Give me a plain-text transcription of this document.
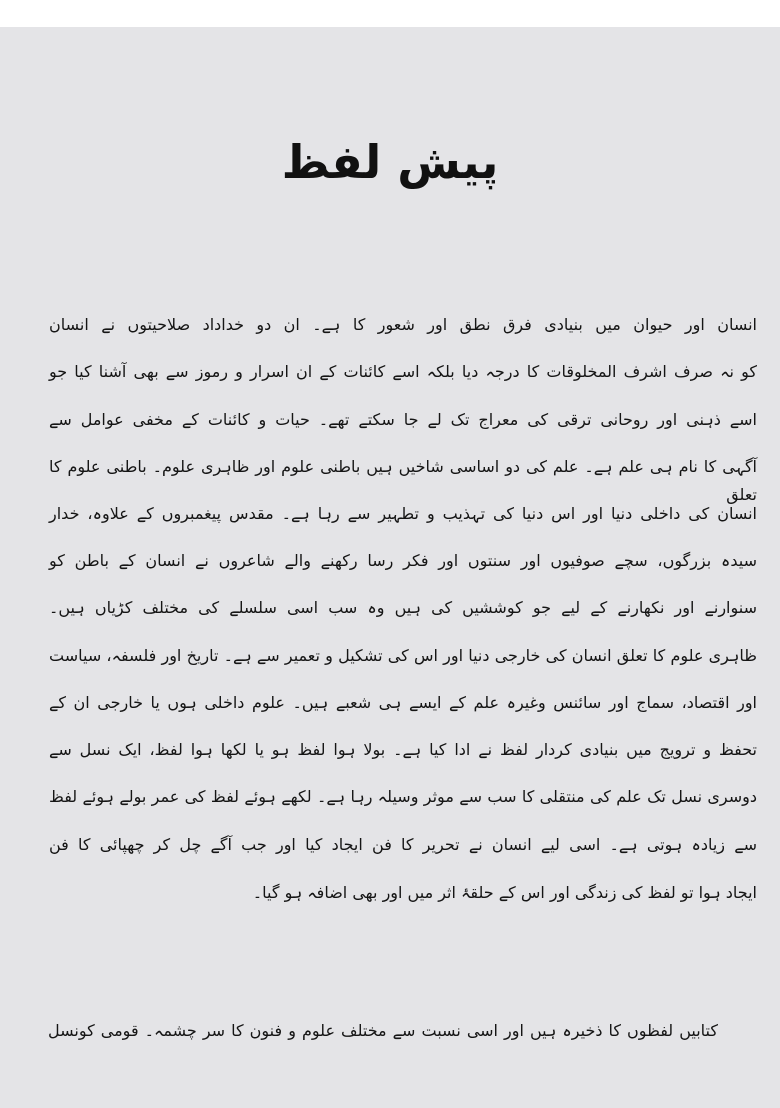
پیش لفظ
انسان اور حیوان میں بنیادی فرق نطق اور شعور کا ہے۔ ان دو خداداد صلاحیتوں نے انسان
کو نہ صرف اشرف المخلوقات کا درجہ دیا بلکہ اسے کائنات کے ان اسرار و رموز سے بھی آشنا کیا جو
اسے ذہنی اور روحانی ترقی کی معراج تک لے جا سکتے تھے۔ حیات و کائنات کے مخفی عوامل سے
آگہی کا نام ہی علم ہے۔ علم کی دو اساسی شاخیں ہیں باطنی علوم اور ظاہری علوم۔ باطنی علوم کا تعلق
انسان کی داخلی دنیا اور اس دنیا کی تہذیب و تطہیر سے رہا ہے۔ مقدس پیغمبروں کے علاوہ، خدار
سیدہ بزرگوں، سچے صوفیوں اور سنتوں اور فکر رسا رکھنے والے شاعروں نے انسان کے باطن کو
سنوارنے اور نکھارنے کے لیے جو کوششیں کی ہیں وہ سب اسی سلسلے کی مختلف کڑیاں ہیں۔
ظاہری علوم کا تعلق انسان کی خارجی دنیا اور اس کی تشکیل و تعمیر سے ہے۔ تاریخ اور فلسفہ، سیاست
اور اقتصاد، سماج اور سائنس وغیرہ علم کے ایسے ہی شعبے ہیں۔ علوم داخلی ہوں یا خارجی ان کے
تحفظ و ترویج میں بنیادی کردار لفظ نے ادا کیا ہے۔ بولا ہوا لفظ ہو یا لکھا ہوا لفظ، ایک نسل سے
دوسری نسل تک علم کی منتقلی کا سب سے موثر وسیلہ رہا ہے۔ لکھے ہوئے لفظ کی عمر بولے ہوئے لفظ
سے زیادہ ہوتی ہے۔ اسی لیے انسان نے تحریر کا فن ایجاد کیا اور جب آگے چل کر چھپائی کا فن
ایجاد ہوا تو لفظ کی زندگی اور اس کے حلقۂ اثر میں اور بھی اضافہ ہو گیا۔
کتابیں لفظوں کا ذخیرہ ہیں اور اسی نسبت سے مختلف علوم و فنون کا سر چشمہ۔ قومی کونسل
